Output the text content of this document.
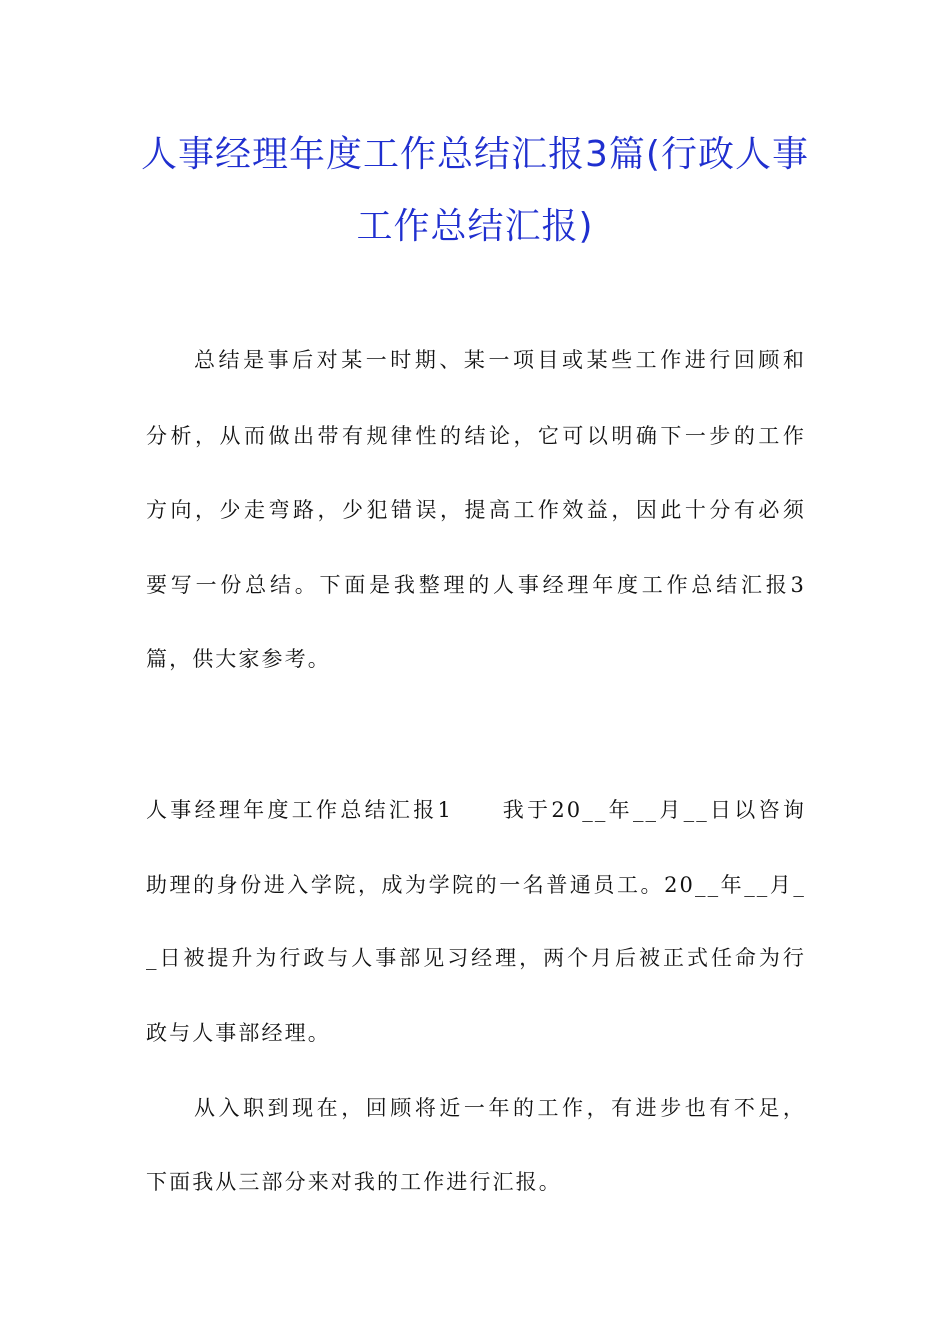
人事经理年度工作总结汇报3篇(行政人事
工作总结汇报)
总结是事后对某一时期、某一项目或某些工作进行回顾和
分析，从而做出带有规律性的结论，它可以明确下一步的工作
方向，少走弯路，少犯错误，提高工作效益，因此十分有必须
要写一份总结。下面是我整理的人事经理年度工作总结汇报3
篇，供大家参考。
人事经理年度工作总结汇报1　　我于20__年__月__日以咨询
助理的身份进入学院，成为学院的一名普通员工。20__年__月_
_日被提升为行政与人事部见习经理，两个月后被正式任命为行
政与人事部经理。
从入职到现在，回顾将近一年的工作，有进步也有不足，
下面我从三部分来对我的工作进行汇报。
